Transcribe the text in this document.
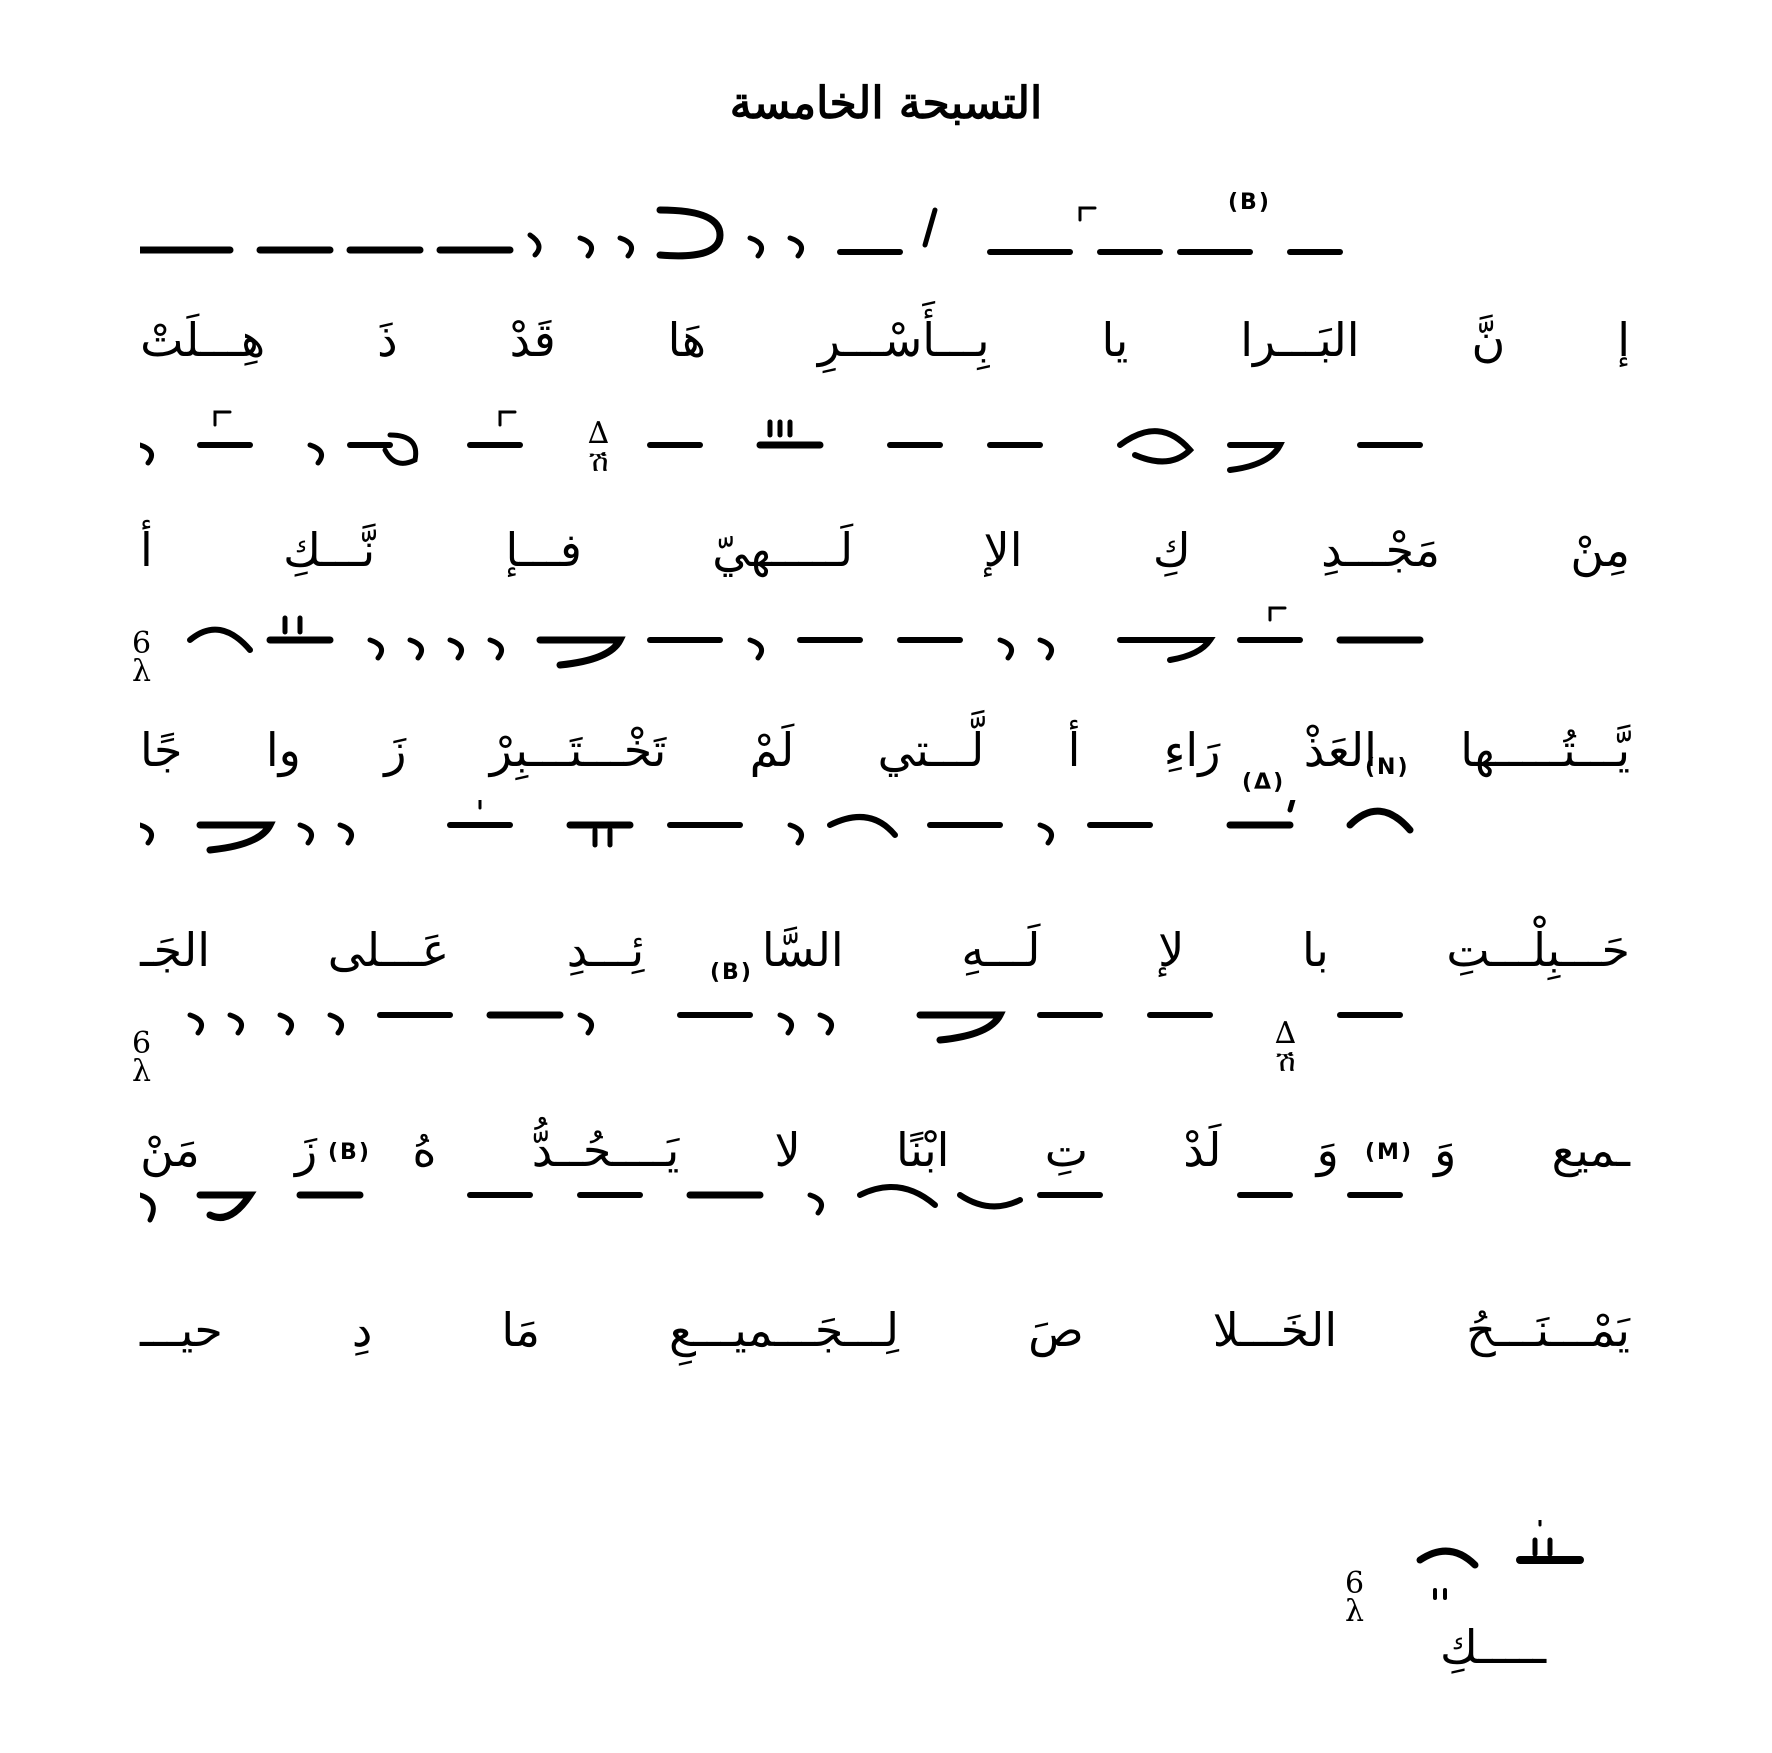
التسبحة الخامسة
(B)
إ
نَّ
البَـــرا
يا
بِـــأَسْـــرِ
هَا
قَدْ
ذَ
هِـــلَتْ
∆
ሽ
مِنْ
مَجْـــدِ
كِ
الإ
لَـــــهيّ
فـــإ
نَّـــكِ
أ
6
λ
يَّـــتُـــــها
العَذْ
رَاءِ
أ
لَّـــتي
لَمْ
تَخْـــتَـــبِرْ
زَ
وا
جًا	(N)
(Δ)
حَـــبِلْـــتِ
با
لإ
لَـــهِ
السَّا
ئِـــدِ
عَـــلى
الجَـ	(B)
6
λ
∆
ሽ
ـميع
وَ
وَ
لَدْ
تِ
ابْنًا
لا
يَــــحُــدُّ
هُ
زَ
مَنْ	(M)
(B)
يَمْـــنَـــحُ
الخَـــلا
صَ
لِـــجَـــميـــعِ
مَا
دِ
حيـــ
6
λ
ـــــكِ
